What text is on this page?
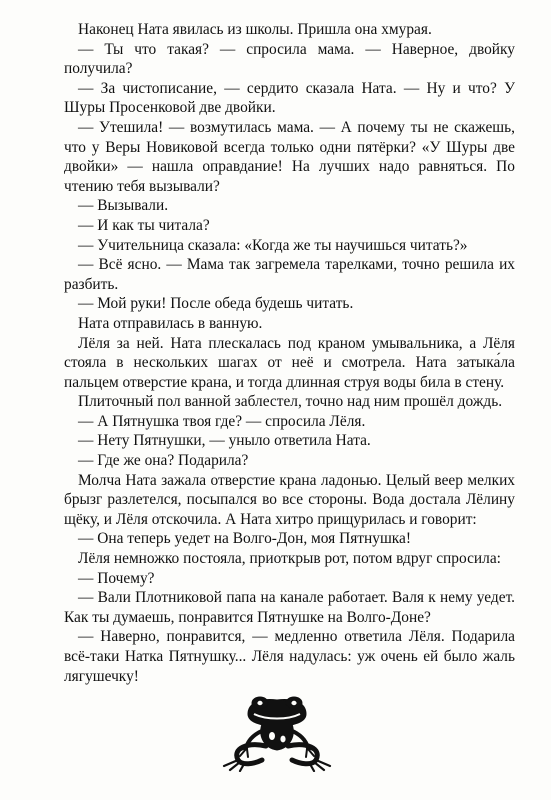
Наконец Ната явилась из школы. Пришла она хмурая.

— Ты что такая? — спросила мама. — Наверное, двойку получила?

— За чистописание, — сердито сказала Ната. — Ну и что? У Шуры Просенковой две двойки.

— Утешила! — возмутилась мама. — А почему ты не скажешь, что у Веры Новиковой всегда только одни пятёрки? «У Шуры две двойки» — нашла оправдание! На лучших надо равняться. По чтению тебя вызывали?

— Вызывали.

— И как ты читала?

— Учительница сказала: «Когда же ты научишься читать?»

— Всё ясно. — Мама так загремела тарелками, точно решила их разбить.

— Мой руки! После обеда будешь читать.

Ната отправилась в ванную.

Лёля за ней. Ната плескалась под краном умывальника, а Лёля стояла в нескольких шагах от неё и смотрела. Ната затыка́ла пальцем отверстие крана, и тогда длинная струя воды била в стену.

Плиточный пол ванной заблестел, точно над ним прошёл дождь.

— А Пятнушка твоя где? — спросила Лёля.

— Нету Пятнушки, — уныло ответила Ната.

— Где же она? Подарила?

Молча Ната зажала отверстие крана ладонью. Целый веер мелких брызг разлетелся, посыпался во все стороны. Вода достала Лёлину щёку, и Лёля отскочила. А Ната хитро прищурилась и говорит:

— Она теперь уедет на Волго-Дон, моя Пятнушка!

Лёля немножко постояла, приоткрыв рот, потом вдруг спросила:

— Почему?

— Вали Плотниковой папа на канале работает. Валя к нему уедет. Как ты думаешь, понравится Пятнушке на Волго-Доне?

— Наверно, понравится, — медленно ответила Лёля. Подарила всё-таки Натка Пятнушку... Лёля надулась: уж очень ей было жаль лягушечку!
